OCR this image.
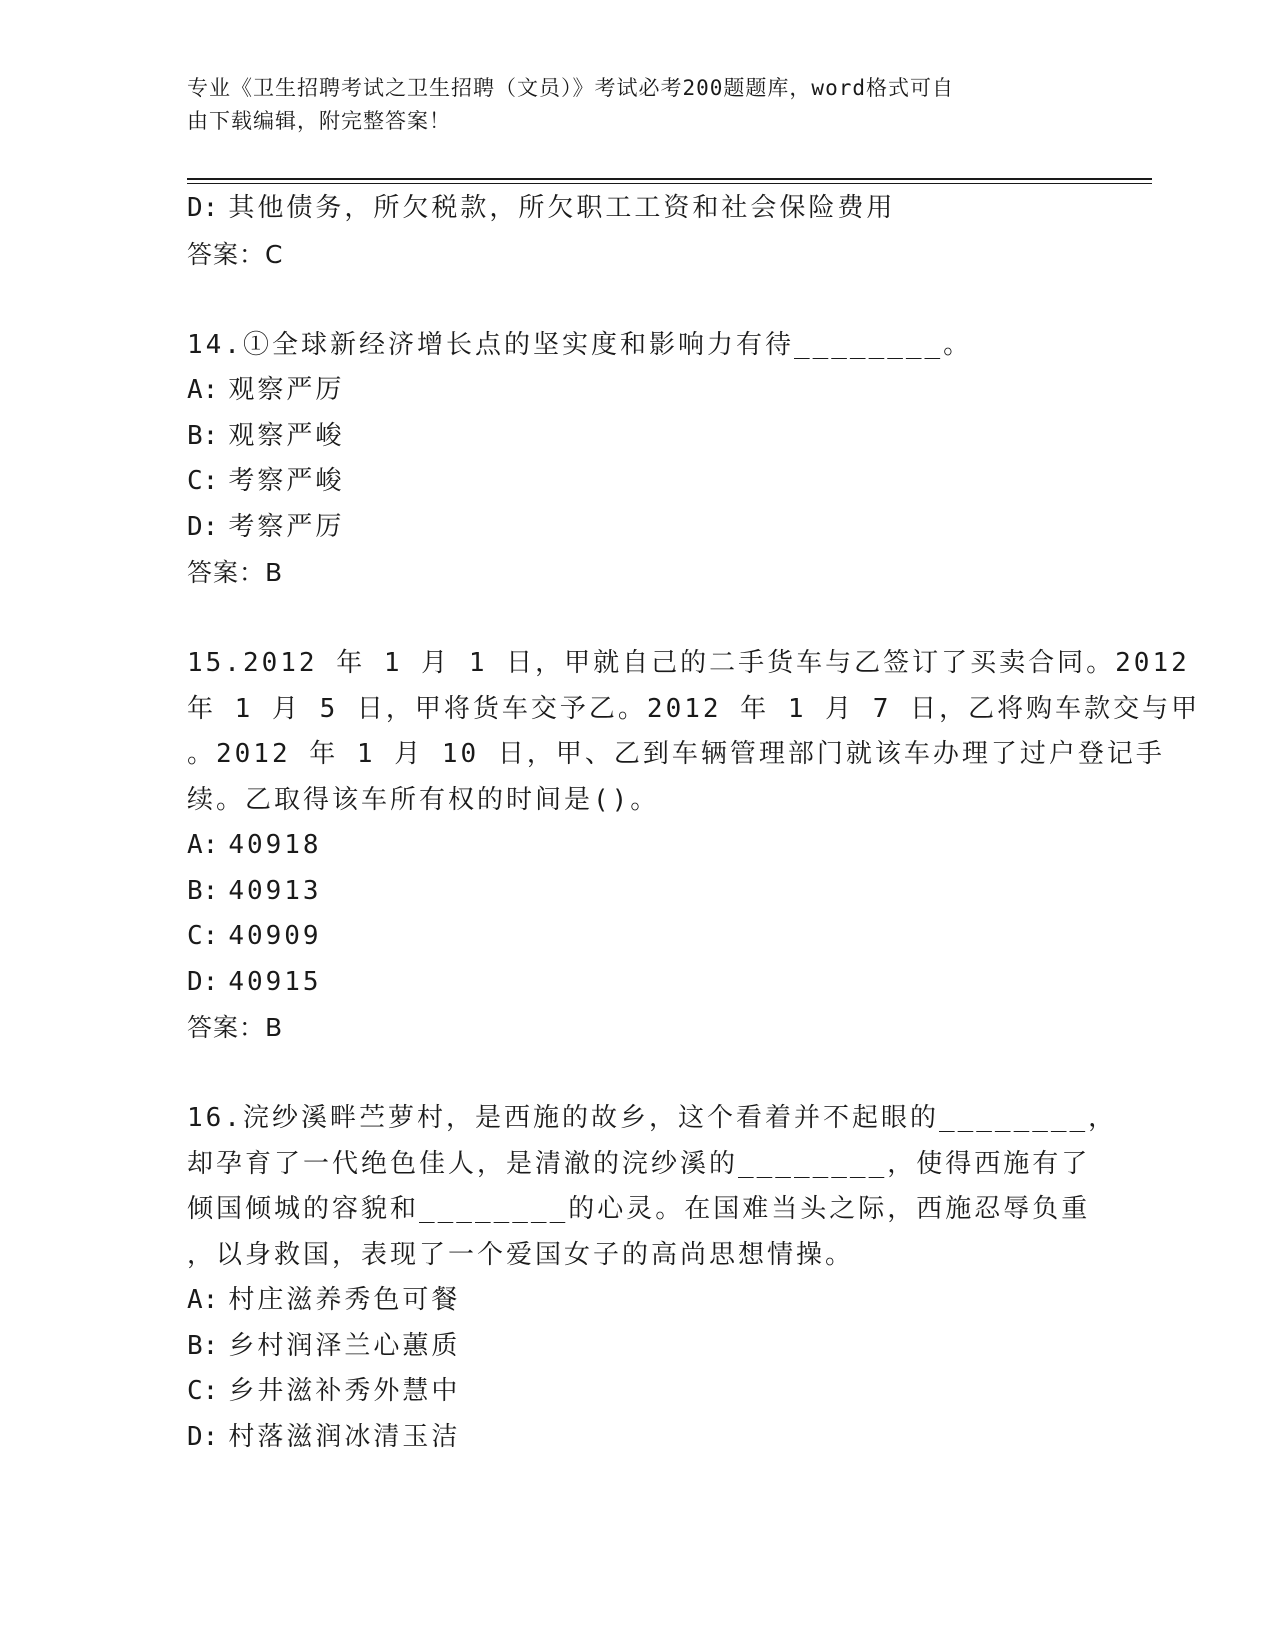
专业《卫生招聘考试之卫生招聘（文员）》考试必考200题题库，word格式可自
由下载编辑，附完整答案！
D: 其他债务，所欠税款，所欠职工工资和社会保险费用
答案：C
14.①全球新经济增长点的坚实度和影响力有待________。
A: 观察严厉
B: 观察严峻
C: 考察严峻
D: 考察严厉
答案：B
15.2012 年 1 月 1 日，甲就自己的二手货车与乙签订了买卖合同。2012
年 1 月 5 日，甲将货车交予乙。2012 年 1 月 7 日，乙将购车款交与甲
。2012 年 1 月 10 日，甲、乙到车辆管理部门就该车办理了过户登记手
续。乙取得该车所有权的时间是()。
A: 40918
B: 40913
C: 40909
D: 40915
答案：B
16.浣纱溪畔苎萝村，是西施的故乡，这个看着并不起眼的________，
却孕育了一代绝色佳人，是清澈的浣纱溪的________，使得西施有了
倾国倾城的容貌和________的心灵。在国难当头之际，西施忍辱负重
，以身救国，表现了一个爱国女子的高尚思想情操。
A: 村庄滋养秀色可餐
B: 乡村润泽兰心蕙质
C: 乡井滋补秀外慧中
D: 村落滋润冰清玉洁
